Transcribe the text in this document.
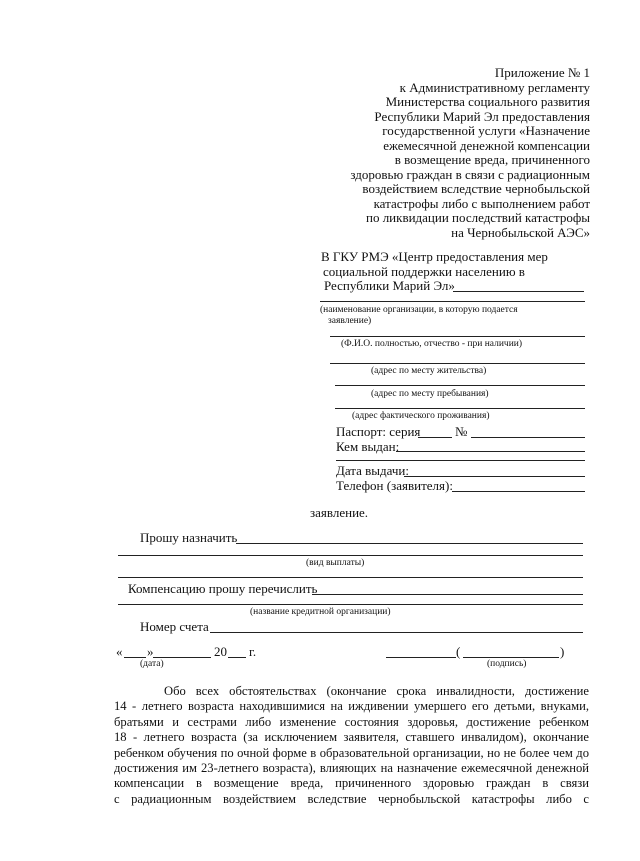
Приложение № 1
к Административному регламенту
Министерства социального развития
Республики Марий Эл предоставления
государственной услуги «Назначение
ежемесячной денежной компенсации
в возмещение вреда, причиненного
здоровью граждан в связи с радиационным
воздействием вследствие чернобыльской
катастрофы либо с выполнением работ
по ликвидации последствий катастрофы
на Чернобыльской АЭС»
В ГКУ РМЭ «Центр предоставления мер
социальной поддержки населению в
Республики Марий Эл»
(наименование организации, в которую подается
заявление)
(Ф.И.О. полностью, отчество - при наличии)
(адрес по месту жительства)
(адрес по месту пребывания)
(адрес фактического проживания)
Паспорт: серия	№
Кем выдан:
Дата выдачи:
Телефон (заявителя):
заявление.
Прошу назначить
(вид выплаты)
Компенсацию прошу перечислить
(название кредитной организации)
Номер счета
« »	20 г.
(дата)
(	)
(подпись)
Обо всех обстоятельствах (окончание срока инвалидности, достижение
14 - летнего возраста находившимися на иждивении умершего его детьми, внуками,
братьями и сестрами либо изменение состояния здоровья, достижение ребенком
18 - летнего возраста (за исключением заявителя, ставшего инвалидом), окончание
ребенком обучения по очной форме в образовательной организации, но не более чем до
достижения им 23-летнего возраста), влияющих на назначение ежемесячной денежной
компенсации в возмещение вреда, причиненного здоровью граждан в связи
с радиационным воздействием вследствие чернобыльской катастрофы либо с
